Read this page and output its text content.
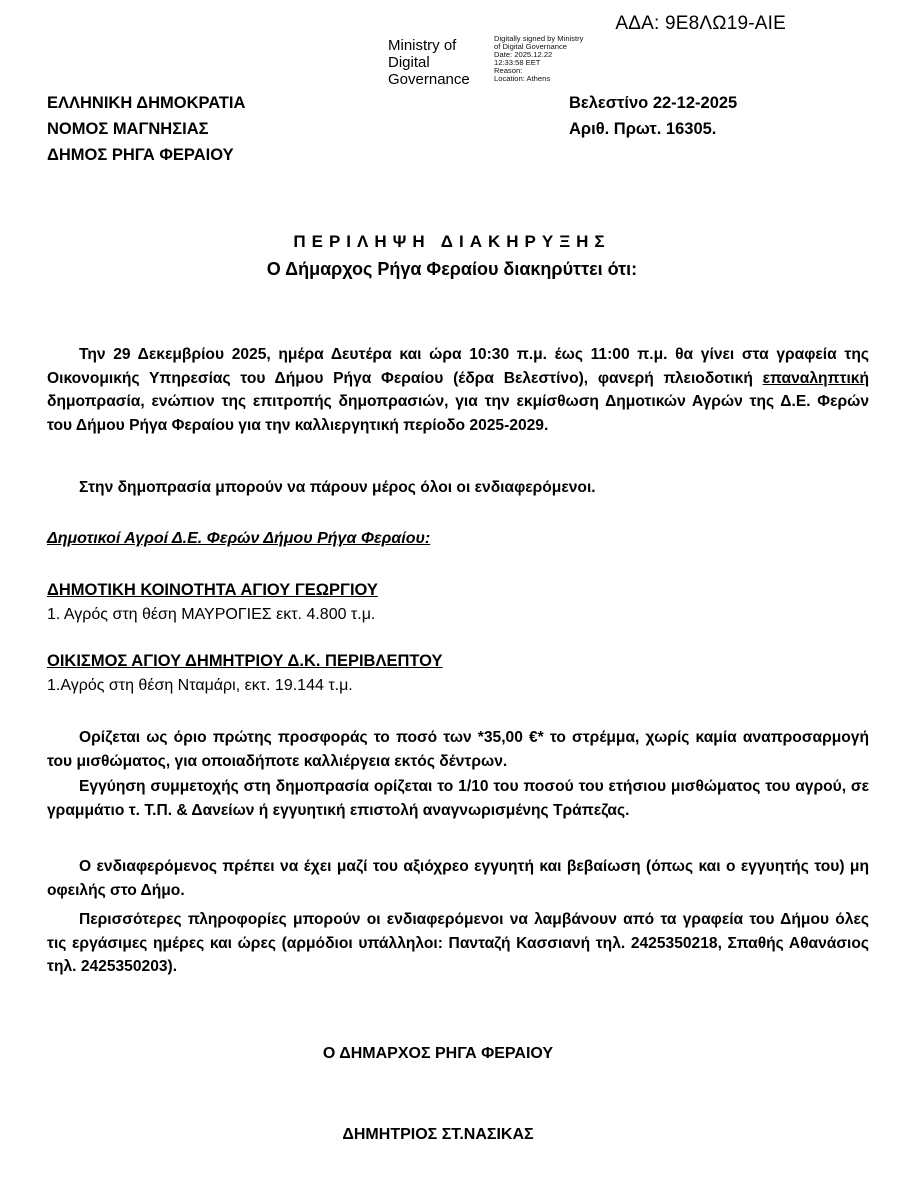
ΑΔΑ: 9Ε8ΛΩ19-ΑΙΕ
Ministry of
Digital
Governance
Digitally signed by Ministry
of Digital Governance
Date: 2025.12.22
12:33:58 EET
Reason:
Location: Athens
ΕΛΛΗΝΙΚΗ ΔΗΜΟΚΡΑΤΙΑ
ΝΟΜΟΣ ΜΑΓΝΗΣΙΑΣ
ΔΗΜΟΣ ΡΗΓΑ ΦΕΡΑΙΟΥ
Βελεστίνο 22-12-2025
Αριθ. Πρωτ. 16305.
ΠΕΡΙΛΗΨΗ ΔΙΑΚΗΡΥΞΗΣ
Ο Δήμαρχος Ρήγα Φεραίου διακηρύττει ότι:
Την 29 Δεκεμβρίου 2025, ημέρα Δευτέρα και ώρα 10:30 π.μ. έως 11:00 π.μ. θα γίνει στα γραφεία της Οικονομικής Υπηρεσίας του Δήμου Ρήγα Φεραίου (έδρα Βελεστίνο), φανερή πλειοδοτική επαναληπτική δημοπρασία, ενώπιον της επιτροπής δημοπρασιών, για την εκμίσθωση Δημοτικών Αγρών της Δ.Ε. Φερών του Δήμου Ρήγα Φεραίου για την καλλιεργητική περίοδο 2025-2029.
Στην δημοπρασία μπορούν να πάρουν μέρος όλοι οι ενδιαφερόμενοι.
Δημοτικοί Αγροί Δ.Ε. Φερών Δήμου Ρήγα Φεραίου:
ΔΗΜΟΤΙΚΗ ΚΟΙΝΟΤΗΤΑ ΑΓΙΟΥ ΓΕΩΡΓΙΟΥ
1. Αγρός στη θέση ΜΑΥΡΟΓΙΕΣ εκτ. 4.800 τ.μ.
ΟΙΚΙΣΜΟΣ ΑΓΙΟΥ ΔΗΜΗΤΡΙΟΥ Δ.Κ. ΠΕΡΙΒΛΕΠΤΟΥ
1.Αγρός στη θέση Νταμάρι, εκτ. 19.144 τ.μ.
Ορίζεται ως όριο πρώτης προσφοράς το ποσό των *35,00 €* το στρέμμα, χωρίς καμία αναπροσαρμογή του μισθώματος, για οποιαδήποτε καλλιέργεια εκτός δέντρων.
Εγγύηση συμμετοχής στη δημοπρασία ορίζεται το 1/10 του ποσού του ετήσιου μισθώματος του αγρού, σε γραμμάτιο τ. Τ.Π. & Δανείων ή εγγυητική επιστολή αναγνωρισμένης Τράπεζας.
Ο ενδιαφερόμενος πρέπει να έχει μαζί του αξιόχρεο εγγυητή και βεβαίωση (όπως και ο εγγυητής του) μη οφειλής στο Δήμο.
Περισσότερες πληροφορίες μπορούν οι ενδιαφερόμενοι να λαμβάνουν από τα γραφεία του Δήμου όλες τις εργάσιμες ημέρες και ώρες (αρμόδιοι υπάλληλοι: Πανταζή Κασσιανή τηλ. 2425350218, Σπαθής Αθανάσιος τηλ. 2425350203).
Ο ΔΗΜΑΡΧΟΣ ΡΗΓΑ ΦΕΡΑΙΟΥ
ΔΗΜΗΤΡΙΟΣ ΣΤ.ΝΑΣΙΚΑΣ
